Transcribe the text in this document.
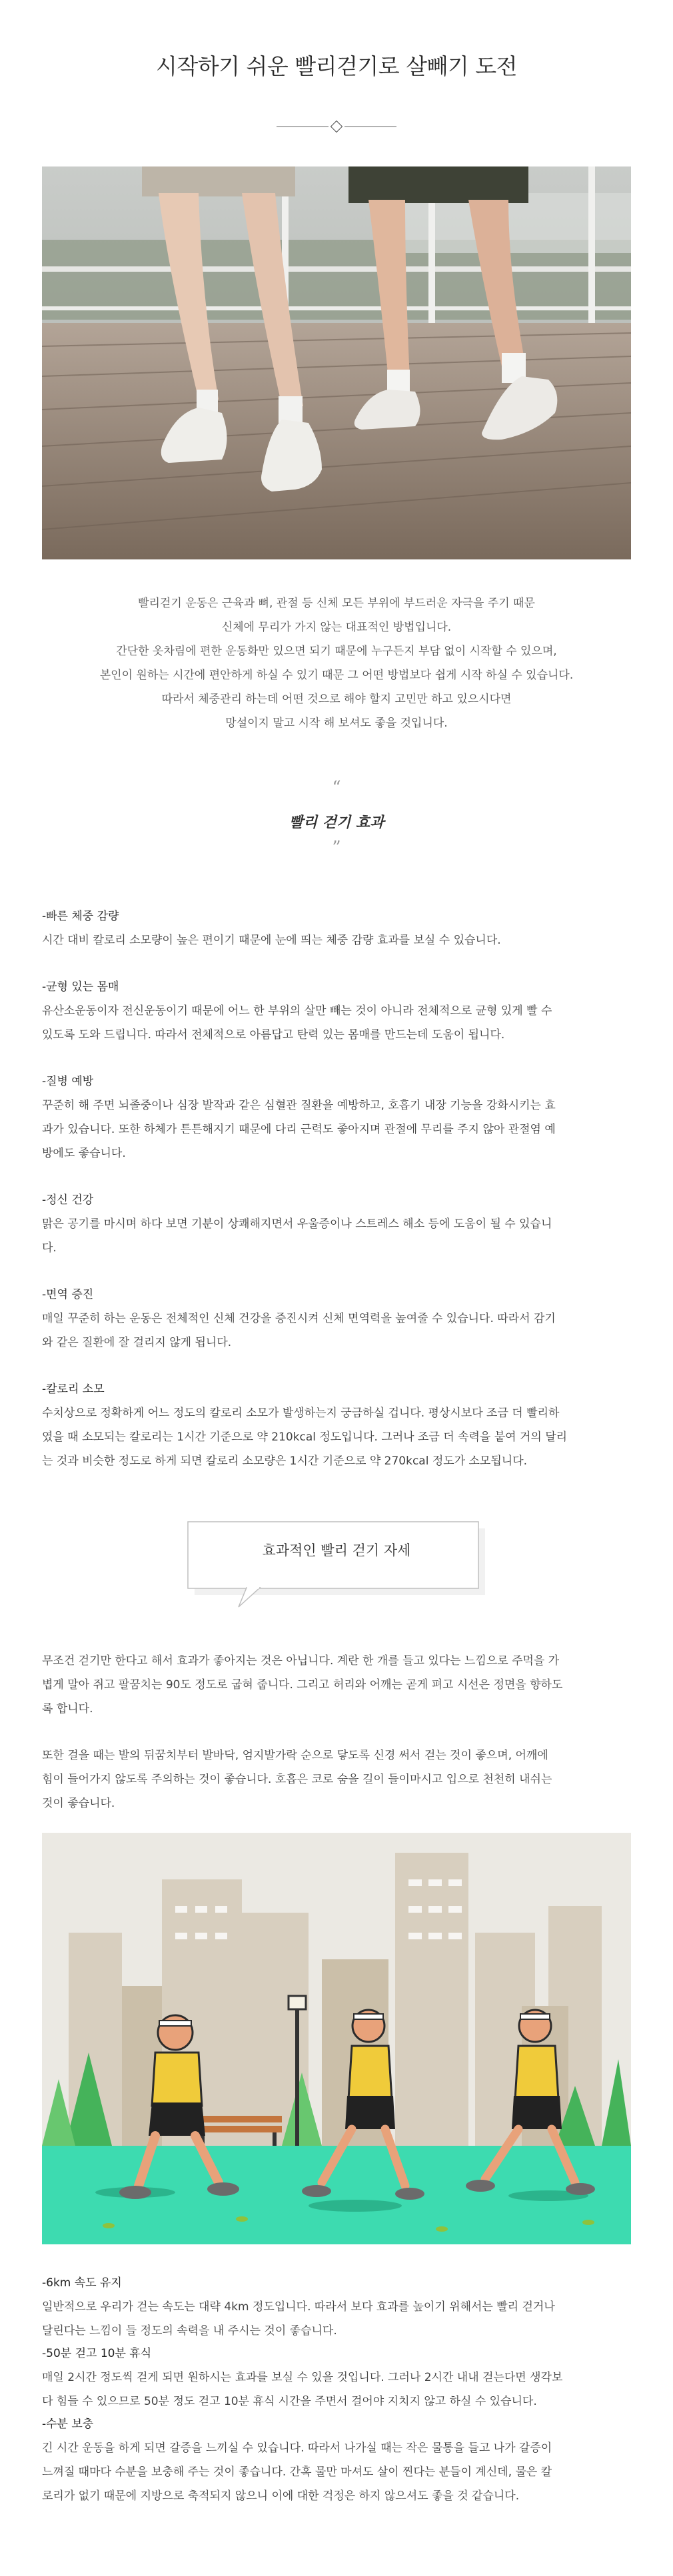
시작하기 쉬운 빨리걷기로 살빼기 도전

빨리걷기 운동은 근육과 뼈, 관절 등 신체 모든 부위에 부드러운 자극을 주기 때문

신체에 무리가 가지 않는 대표적인 방법입니다.

간단한 옷차림에 편한 운동화만 있으면 되기 때문에 누구든지 부담 없이 시작할 수 있으며,

본인이 원하는 시간에 편안하게 하실 수 있기 때문 그 어떤 방법보다 쉽게 시작 하실 수 있습니다.

따라서 체중관리 하는데 어떤 것으로 해야 할지 고민만 하고 있으시다면

망설이지 말고 시작 해 보셔도 좋을 것입니다.

“
빨리 걷기 효과
”
-빠른 체중 감량

시간 대비 칼로리 소모량이 높은 편이기 때문에 눈에 띄는 체중 감량 효과를 보실 수 있습니다.

-균형 있는 몸매

유산소운동이자 전신운동이기 때문에 어느 한 부위의 살만 빼는 것이 아니라 전체적으로 균형 있게 빨 수

있도록 도와 드립니다. 따라서 전체적으로 아름답고 탄력 있는 몸매를 만드는데 도움이 됩니다.

-질병 예방

꾸준히 해 주면 뇌졸중이나 심장 발작과 같은 심혈관 질환을 예방하고, 호흡기 내장 기능을 강화시키는 효

과가 있습니다. 또한 하체가 튼튼해지기 때문에 다리 근력도 좋아지며 관절에 무리를 주지 않아 관절염 예

방에도 좋습니다.

-정신 건강

맑은 공기를 마시며 하다 보면 기분이 상쾌해지면서 우울증이나 스트레스 해소 등에 도움이 될 수 있습니

다.

-면역 증진

매일 꾸준히 하는 운동은 전체적인 신체 건강을 증진시켜 신체 면역력을 높여줄 수 있습니다. 따라서 감기

와 같은 질환에 잘 걸리지 않게 됩니다.

-칼로리 소모

수치상으로 정확하게 어느 정도의 칼로리 소모가 발생하는지 궁금하실 겁니다. 평상시보다 조금 더 빨리하

였을 때 소모되는 칼로리는 1시간 기준으로 약 210kcal 정도입니다. 그러나 조금 더 속력을 붙여 거의 달리

는 것과 비슷한 정도로 하게 되면 칼로리 소모량은 1시간 기준으로 약 270kcal 정도가 소모됩니다.

효과적인 빨리 걷기 자세

무조건 걷기만 한다고 해서 효과가 좋아지는 것은 아닙니다. 계란 한 개를 들고 있다는 느낌으로 주먹을 가

볍게 말아 쥐고 팔꿈치는 90도 정도로 굽혀 줍니다. 그리고 허리와 어깨는 곧게 펴고 시선은 정면을 향하도

록 합니다.

또한 걸을 때는 발의 뒤꿈치부터 발바닥, 엄지발가락 순으로 닿도록 신경 써서 걷는 것이 좋으며, 어깨에

힘이 들어가지 않도록 주의하는 것이 좋습니다. 호흡은 코로 숨을 길이 들이마시고 입으로 천천히 내쉬는

것이 좋습니다.

-6km 속도 유지

일반적으로 우리가 걷는 속도는 대략 4km 정도입니다. 따라서 보다 효과를 높이기 위해서는 빨리 걷거나

달린다는 느낌이 들 정도의 속력을 내 주시는 것이 좋습니다.

-50분 걷고 10분 휴식

매일 2시간 정도씩 걷게 되면 원하시는 효과를 보실 수 있을 것입니다. 그러나 2시간 내내 걷는다면 생각보

다 힘들 수 있으므로 50분 정도 걷고 10분 휴식 시간을 주면서 걸어야 지치지 않고 하실 수 있습니다.

-수분 보충

긴 시간 운동을 하게 되면 갈증을 느끼실 수 있습니다. 따라서 나가실 때는 작은 물통을 들고 나가 갈증이

느껴질 때마다 수분을 보충해 주는 것이 좋습니다. 간혹 물만 마셔도 살이 찐다는 분들이 계신데, 물은 칼

로리가 없기 때문에 지방으로 축적되지 않으니 이에 대한 걱정은 하지 않으셔도 좋을 것 같습니다.
